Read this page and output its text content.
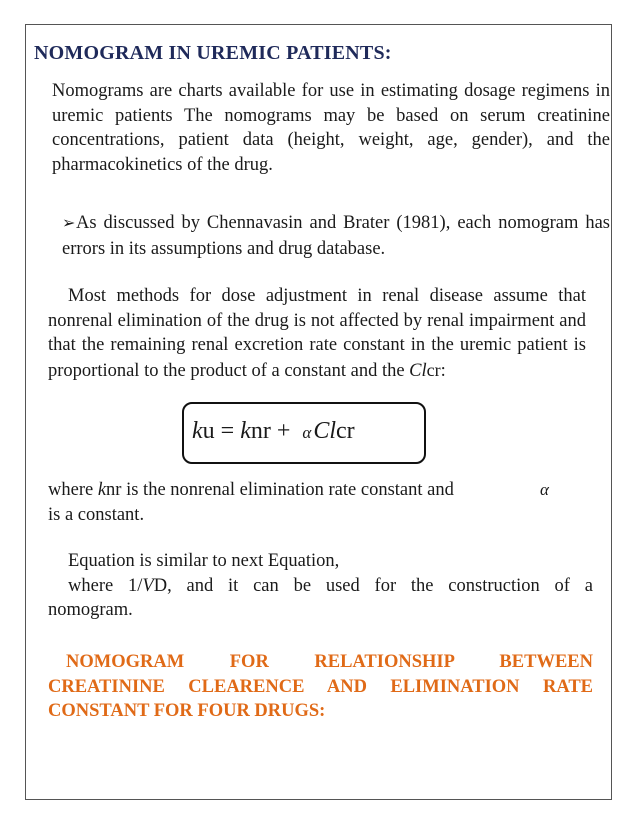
NOMOGRAM IN UREMIC PATIENTS:

Nomograms are charts available for use in estimating dosage regimens in uremic patients The nomograms may be based on serum creatinine concentrations, patient data (height, weight, age, gender), and the pharmacokinetics of the drug.

➢As discussed by Chennavasin and Brater (1981), each nomogram has errors in its assumptions and drug database.

Most methods for dose adjustment in renal disease assume that nonrenal elimination of the drug is not affected by renal impairment and that the remaining renal excretion rate constant in the uremic patient is proportional to the product of a constant and the Clcr:

ku = knr + αClcr
where knr is the nonrenal elimination rate constant and	α
is a constant.
Equation is similar to next Equation,
where 1/VD, and it can be used for the construction of a
nomogram.
NOMOGRAM FOR RELATIONSHIP BETWEEN
CREATININE CLEARENCE AND ELIMINATION RATE
CONSTANT FOR FOUR DRUGS:
